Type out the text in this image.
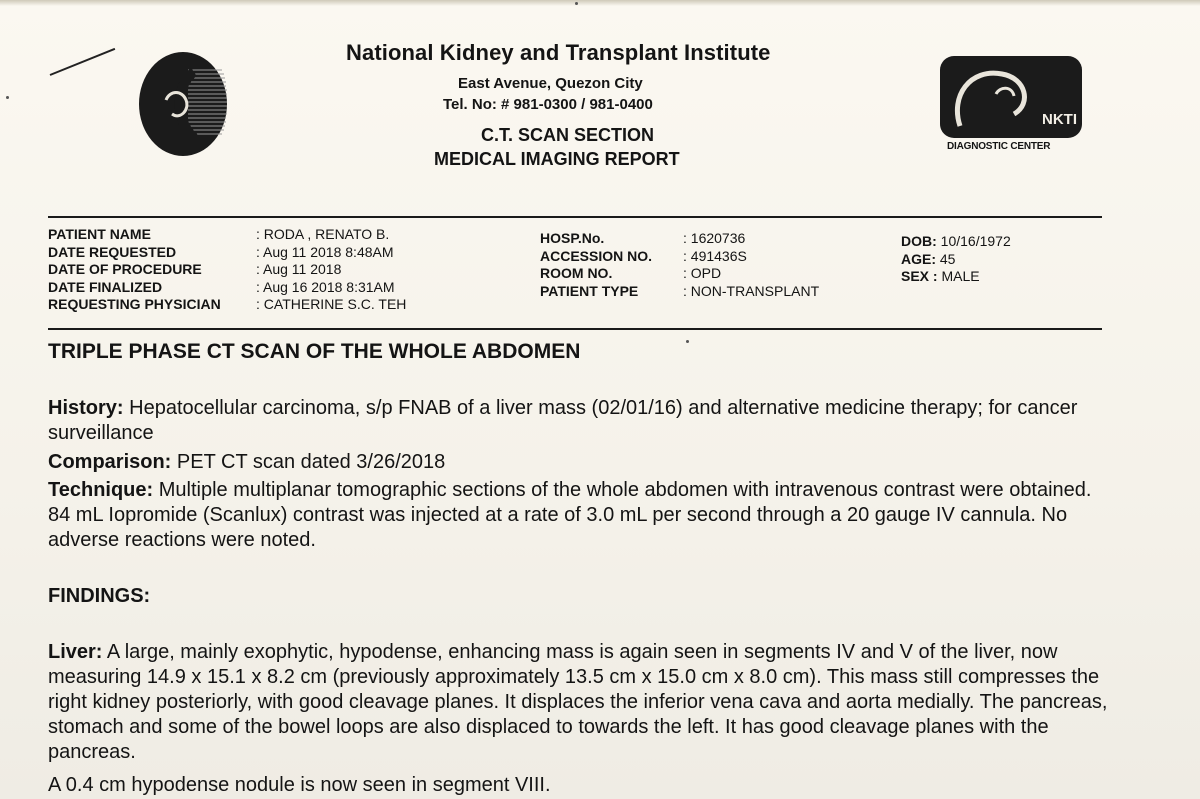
National Kidney and Transplant Institute
East Avenue, Quezon City
Tel. No: # 981-0300 / 981-0400
C.T. SCAN SECTION
MEDICAL IMAGING REPORT
NKTI
DIAGNOSTIC CENTER
PATIENT NAME
DATE REQUESTED
DATE OF PROCEDURE
DATE FINALIZED
REQUESTING PHYSICIAN
: RODA , RENATO B.
: Aug 11 2018 8:48AM
: Aug 11 2018
: Aug 16 2018 8:31AM
: CATHERINE S.C. TEH
HOSP.No.
ACCESSION NO.
ROOM NO.
PATIENT TYPE
: 1620736
: 491436S
: OPD
: NON-TRANSPLANT
DOB: 10/16/1972
AGE: 45
SEX : MALE
TRIPLE PHASE CT SCAN OF THE WHOLE ABDOMEN
History: Hepatocellular carcinoma, s/p FNAB of a liver mass (02/01/16) and alternative medicine therapy; for cancer surveillance
Comparison: PET CT scan dated 3/26/2018
Technique: Multiple multiplanar tomographic sections of the whole abdomen with intravenous contrast were obtained. 84 mL Iopromide (Scanlux) contrast was injected at a rate of 3.0 mL per second through a 20 gauge IV cannula. No adverse reactions were noted.
FINDINGS:
Liver: A large, mainly exophytic, hypodense, enhancing mass is again seen in segments IV and V of the liver, now measuring 14.9 x 15.1 x 8.2 cm (previously approximately 13.5 cm x 15.0 cm x 8.0 cm). This mass still compresses the right kidney posteriorly, with good cleavage planes. It displaces the inferior vena cava and aorta medially. The pancreas, stomach and some of the bowel loops are also displaced to towards the left. It has good cleavage planes with the pancreas.
A 0.4 cm hypodense nodule is now seen in segment VIII.
